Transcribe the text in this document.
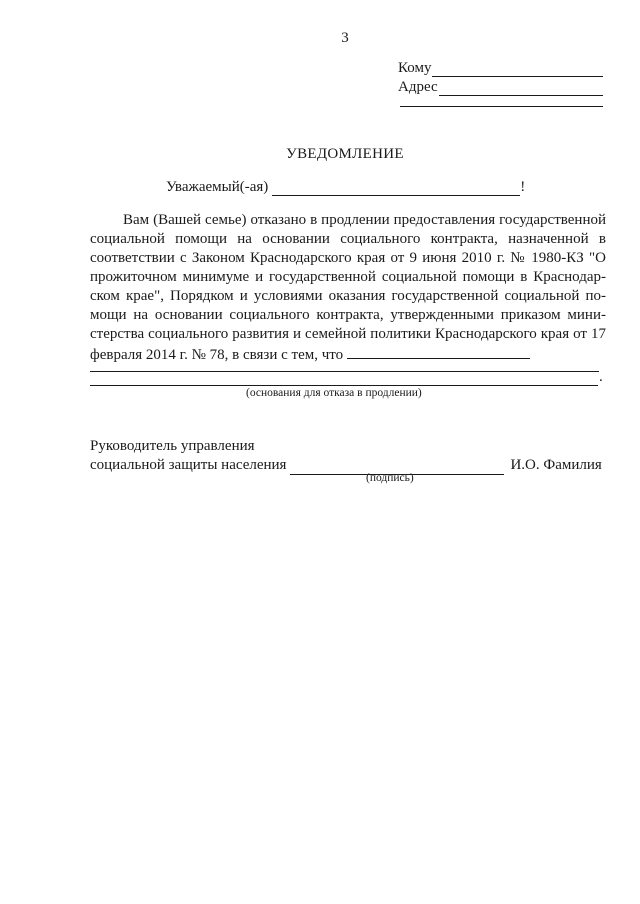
3
Кому
Адрес
УВЕДОМЛЕНИЕ
Уважаемый(-ая)	!
Вам (Вашей семье) отказано в продлении предоставления государственной социальной помощи на основании социального контракта, назначенной в соответствии с Законом Краснодарского края от 9 июня 2010 г. № 1980-КЗ "О прожиточном минимуме и государственной социальной помощи в Краснодарском крае", Порядком и условиями оказания государственной социальной помощи на основании социального контракта, утвержденными приказом министерства социального развития и семейной политики Краснодарского края от 17 февраля 2014 г. № 78, в связи с тем, что
.
(основания для отказа в продлении)
Руководитель управления
социальной защиты населения	И.О. Фамилия
(подпись)
